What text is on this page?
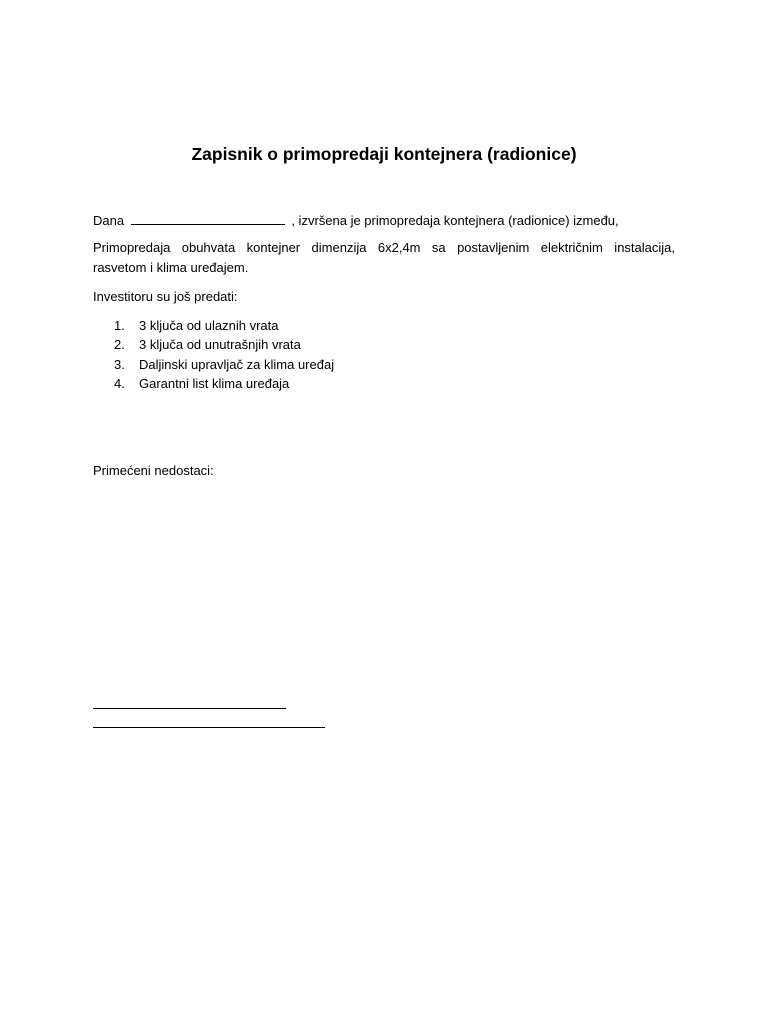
Zapisnik o primopredaji kontejnera (radionice)
Dana	, izvršena je primopredaja kontejnera (radionice) između,
Primopredaja obuhvata kontejner dimenzija 6x2,4m sa postavljenim električnim instalacija,
rasvetom i klima uređajem.
Investitoru su još predati:
1.	3 ključa od ulaznih vrata
2.	3 ključa od unutrašnjih vrata
3.	Daljinski upravljač za klima uređaj
4.	Garantni list klima uređaja
Primećeni nedostaci:
